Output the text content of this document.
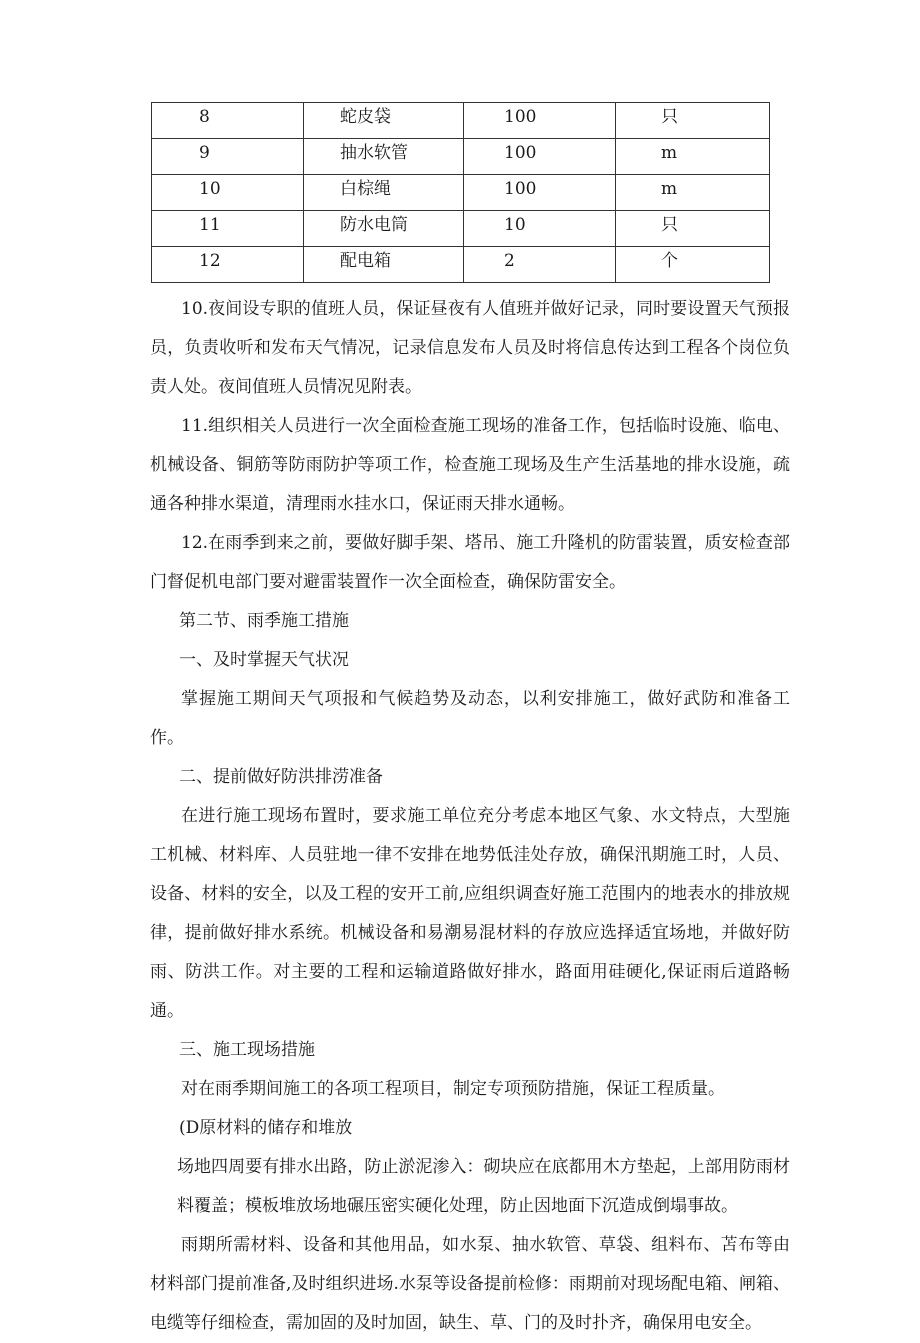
8	蛇皮袋	100	只
9	抽水软管	100	m
10	白棕绳	100	m
11	防水电筒	10	只
12	配电箱	2	个

10.夜间设专职的值班人员，保证昼夜有人值班并做好记录，同时要设置天气预报员，负责收听和发布天气情况，记录信息发布人员及时将信息传达到工程各个岗位负责人处。夜间值班人员情况见附表。

11.组织相关人员进行一次全面检查施工现场的准备工作，包括临时设施、临电、机械设备、铜筋等防雨防护等项工作，检查施工现场及生产生活基地的排水设施，疏通各种排水渠道，清理雨水挂水口，保证雨天排水通畅。

12.在雨季到来之前，要做好脚手架、塔吊、施工升隆机的防雷装置，质安检查部门督促机电部门要对避雷装置作一次全面检查，确保防雷安全。

第二节、雨季施工措施

一、及时掌握天气状况

掌握施工期间天气项报和气候趋势及动态，以利安排施工，做好武防和准备工作。

二、提前做好防洪排涝准备

在进行施工现场布置时，要求施工单位充分考虑本地区气象、水文特点，大型施工机械、材料库、人员驻地一律不安排在地势低洼处存放，确保汛期施工时，人员、设备、材料的安全，以及工程的安开工前,应组织调查好施工范围内的地表水的排放规律，提前做好排水系统。机械设备和易潮易混材料的存放应选择适宜场地，并做好防雨、防洪工作。对主要的工程和运输道路做好排水，路面用硅硬化,保证雨后道路畅通。

三、施工现场措施

对在雨季期间施工的各项工程项目，制定专项预防措施，保证工程质量。

(D原材料的储存和堆放

场地四周要有排水出路，防止淤泥渗入：砌块应在底都用木方垫起，上部用防雨材料覆盖；模板堆放场地碾压密实硬化处理，防止因地面下沉造成倒塌事故。

雨期所需材料、设备和其他用品，如水泵、抽水软管、草袋、组料布、苫布等由材料部门提前准备,及时组织进场.水泵等设备提前检修：雨期前对现场配电箱、闸箱、电缆等仔细检查，需加固的及时加固，缺生、草、门的及时扑齐，确保用电安全。
